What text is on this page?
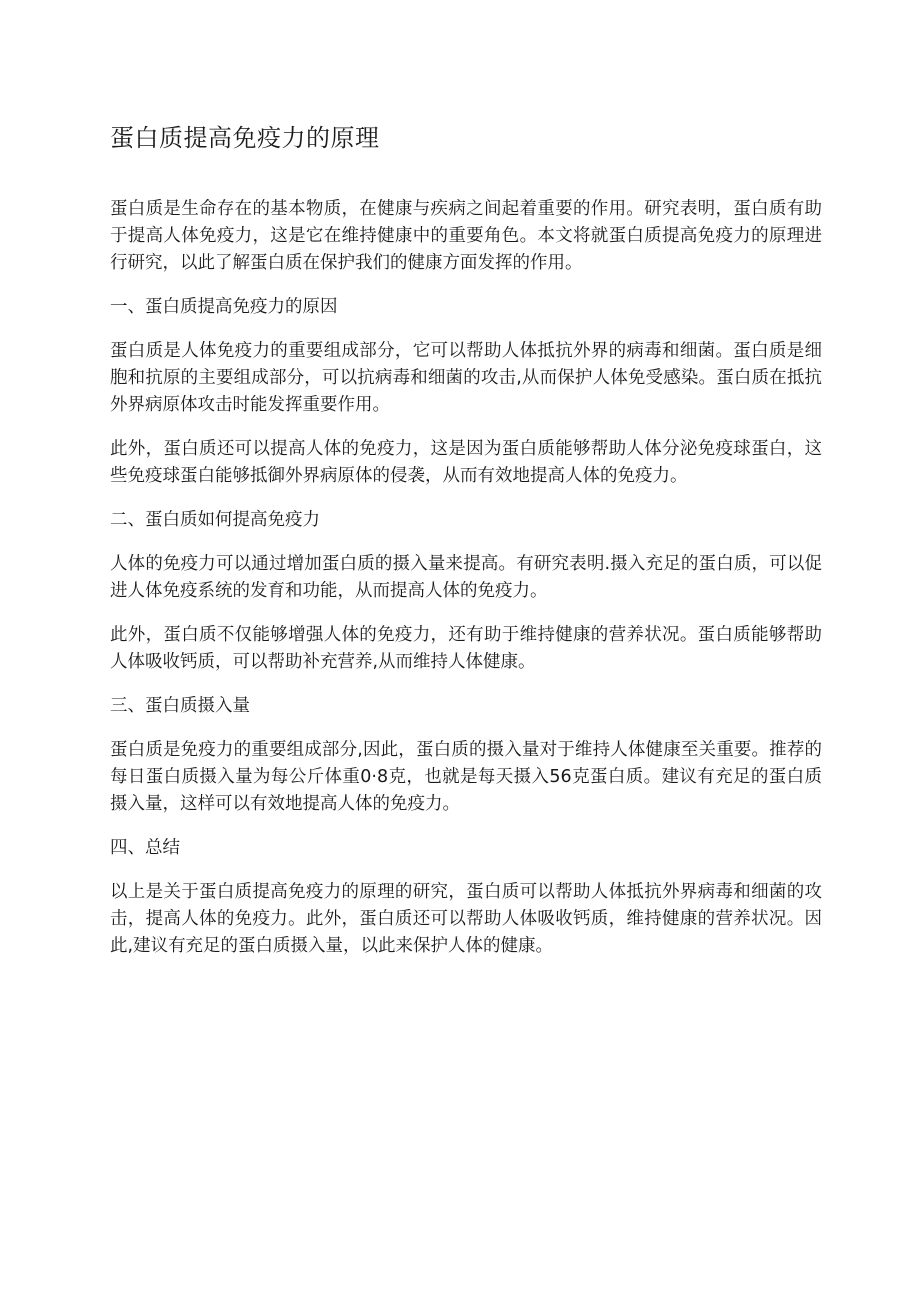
蛋白质提高免疫力的原理

蛋白质是生命存在的基本物质，在健康与疾病之间起着重要的作用。研究表明，蛋白质有助于提高人体免疫力，这是它在维持健康中的重要角色。本文将就蛋白质提高免疫力的原理进行研究，以此了解蛋白质在保护我们的健康方面发挥的作用。

一、蛋白质提高免疫力的原因

蛋白质是人体免疫力的重要组成部分，它可以帮助人体抵抗外界的病毒和细菌。蛋白质是细胞和抗原的主要组成部分，可以抗病毒和细菌的攻击,从而保护人体免受感染。蛋白质在抵抗外界病原体攻击时能发挥重要作用。

此外，蛋白质还可以提高人体的免疫力，这是因为蛋白质能够帮助人体分泌免疫球蛋白，这些免疫球蛋白能够抵御外界病原体的侵袭，从而有效地提高人体的免疫力。

二、蛋白质如何提高免疫力

人体的免疫力可以通过增加蛋白质的摄入量来提高。有研究表明.摄入充足的蛋白质，可以促进人体免疫系统的发育和功能，从而提高人体的免疫力。

此外，蛋白质不仅能够增强人体的免疫力，还有助于维持健康的营养状况。蛋白质能够帮助人体吸收钙质，可以帮助补充营养,从而维持人体健康。

三、蛋白质摄入量

蛋白质是免疫力的重要组成部分,因此，蛋白质的摄入量对于维持人体健康至关重要。推荐的每日蛋白质摄入量为每公斤体重0·8克，也就是每天摄入56克蛋白质。建议有充足的蛋白质摄入量，这样可以有效地提高人体的免疫力。

四、总结

以上是关于蛋白质提高免疫力的原理的研究，蛋白质可以帮助人体抵抗外界病毒和细菌的攻击，提高人体的免疫力。此外，蛋白质还可以帮助人体吸收钙质，维持健康的营养状况。因此,建议有充足的蛋白质摄入量，以此来保护人体的健康。
